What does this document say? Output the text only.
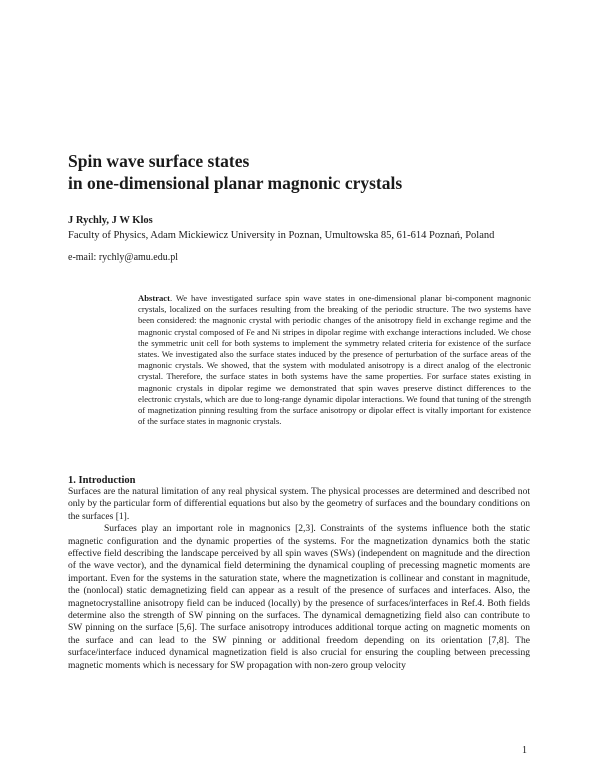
Spin wave surface states
in one-dimensional planar magnonic crystals
J Rychly, J W Klos
Faculty of Physics, Adam Mickiewicz University in Poznan, Umultowska 85, 61-614 Poznań, Poland
e-mail: rychly@amu.edu.pl

Abstract. We have investigated surface spin wave states in one-dimensional planar bi-component magnonic crystals, localized on the surfaces resulting from the breaking of the periodic structure. The two systems have been considered: the magnonic crystal with periodic changes of the anisotropy field in exchange regime and the magnonic crystal composed of Fe and Ni stripes in dipolar regime with exchange interactions included. We chose the symmetric unit cell for both systems to implement the symmetry related criteria for existence of the surface states. We investigated also the surface states induced by the presence of perturbation of the surface areas of the magnonic crystals. We showed, that the system with modulated anisotropy is a direct analog of the electronic crystal. Therefore, the surface states in both systems have the same properties. For surface states existing in magnonic crystals in dipolar regime we demonstrated that spin waves preserve distinct differences to the electronic crystals, which are due to long-range dynamic dipolar interactions. We found that tuning of the strength of magnetization pinning resulting from the surface anisotropy or dipolar effect is vitally important for existence of the surface states in magnonic crystals.

1. Introduction

Surfaces are the natural limitation of any real physical system. The physical processes are determined and described not only by the particular form of differential equations but also by the geometry of surfaces and the boundary conditions on the surfaces [1].

Surfaces play an important role in magnonics [2,3]. Constraints of the systems influence both the static magnetic configuration and the dynamic properties of the systems. For the magnetization dynamics both the static effective field describing the landscape perceived by all spin waves (SWs) (independent on magnitude and the direction of the wave vector), and the dynamical field determining the dynamical coupling of precessing magnetic moments are important. Even for the systems in the saturation state, where the magnetization is collinear and constant in magnitude, the (nonlocal) static demagnetizing field can appear as a result of the presence of surfaces and interfaces. Also, the magnetocrystalline anisotropy field can be induced (locally) by the presence of surfaces/interfaces in Ref.4. Both fields determine also the strength of SW pinning on the surfaces. The dynamical demagnetizing field also can contribute to SW pinning on the surface [5,6]. The surface anisotropy introduces additional torque acting on magnetic moments on the surface and can lead to the SW pinning or additional freedom depending on its orientation [7,8]. The surface/interface induced dynamical magnetization field is also crucial for ensuring the coupling between precessing magnetic moments which is necessary for SW propagation with non-zero group velocity

1
